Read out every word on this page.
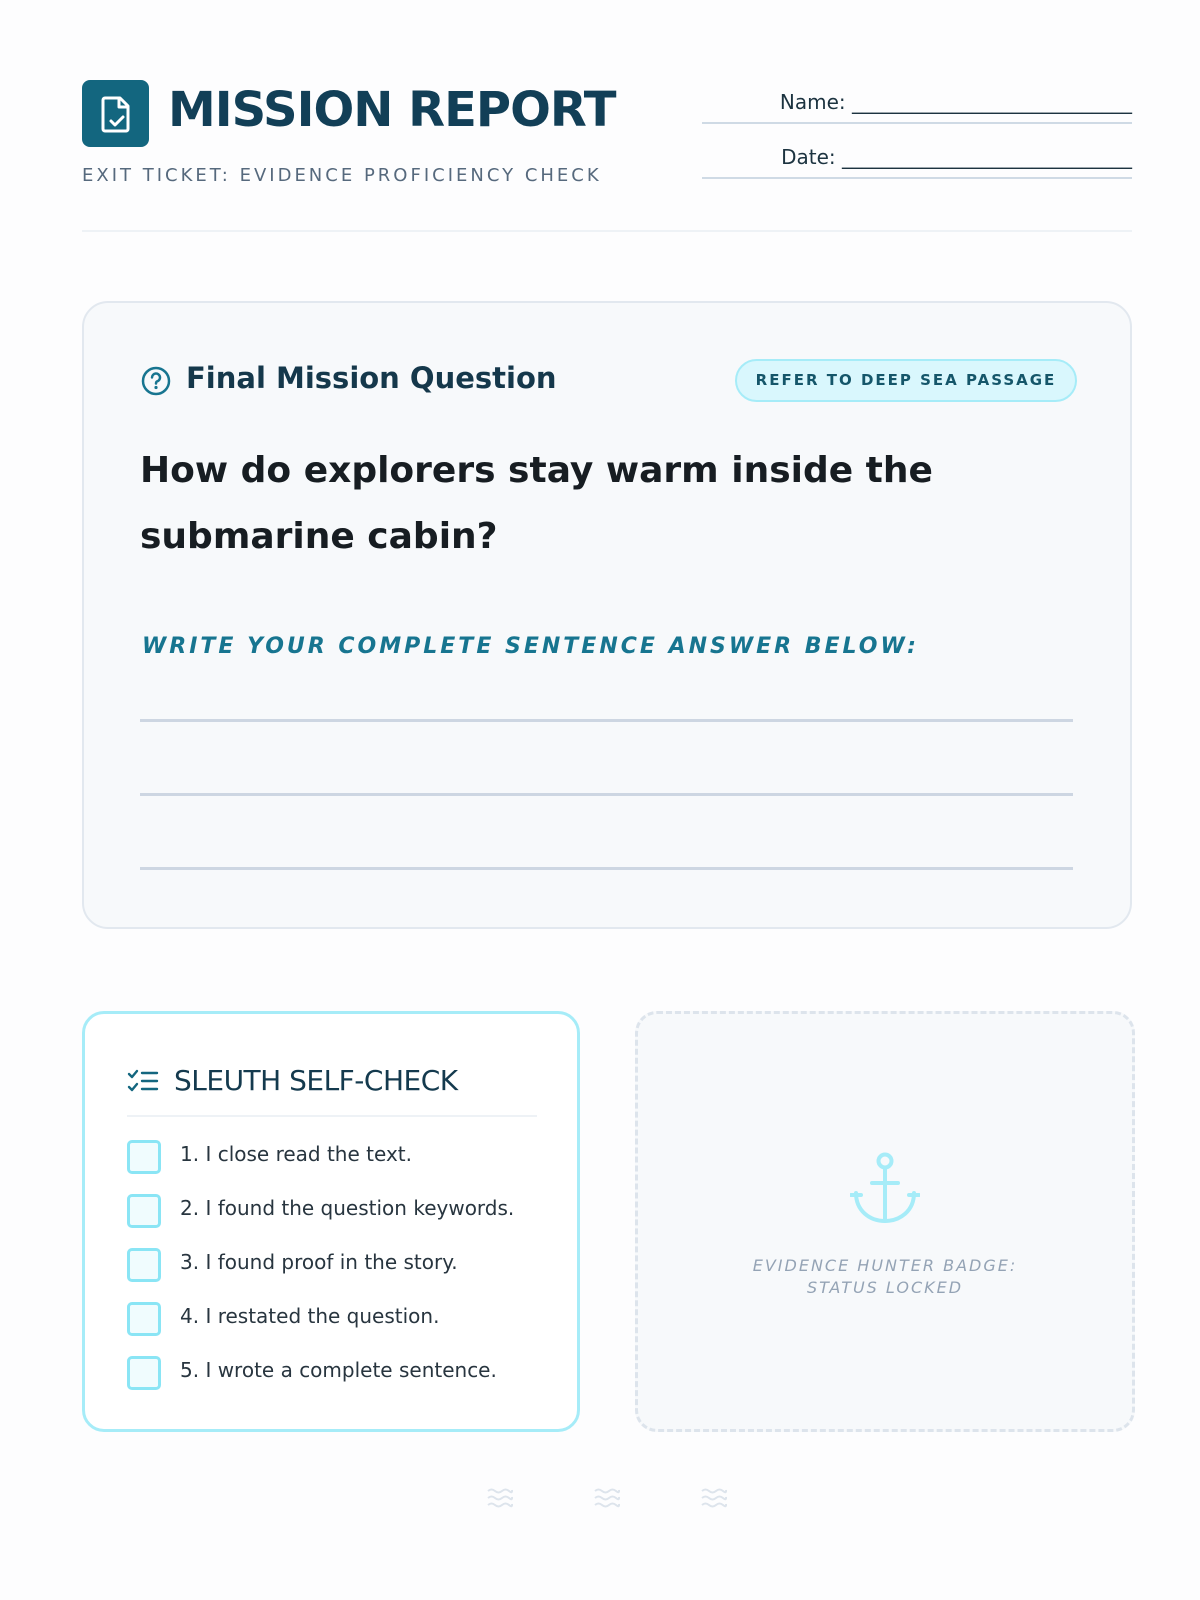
MISSION REPORT
EXIT TICKET: EVIDENCE PROFICIENCY CHECK
Name: ____________________________
Date: _____________________________
Final Mission Question	REFER TO DEEP SEA PASSAGE
How do explorers stay warm inside the submarine cabin?
WRITE YOUR COMPLETE SENTENCE ANSWER BELOW:
SLEUTH SELF-CHECK
1. I close read the text.
2. I found the question keywords.
3. I found proof in the story.
4. I restated the question.
5. I wrote a complete sentence.
EVIDENCE HUNTER BADGE:
STATUS LOCKED
